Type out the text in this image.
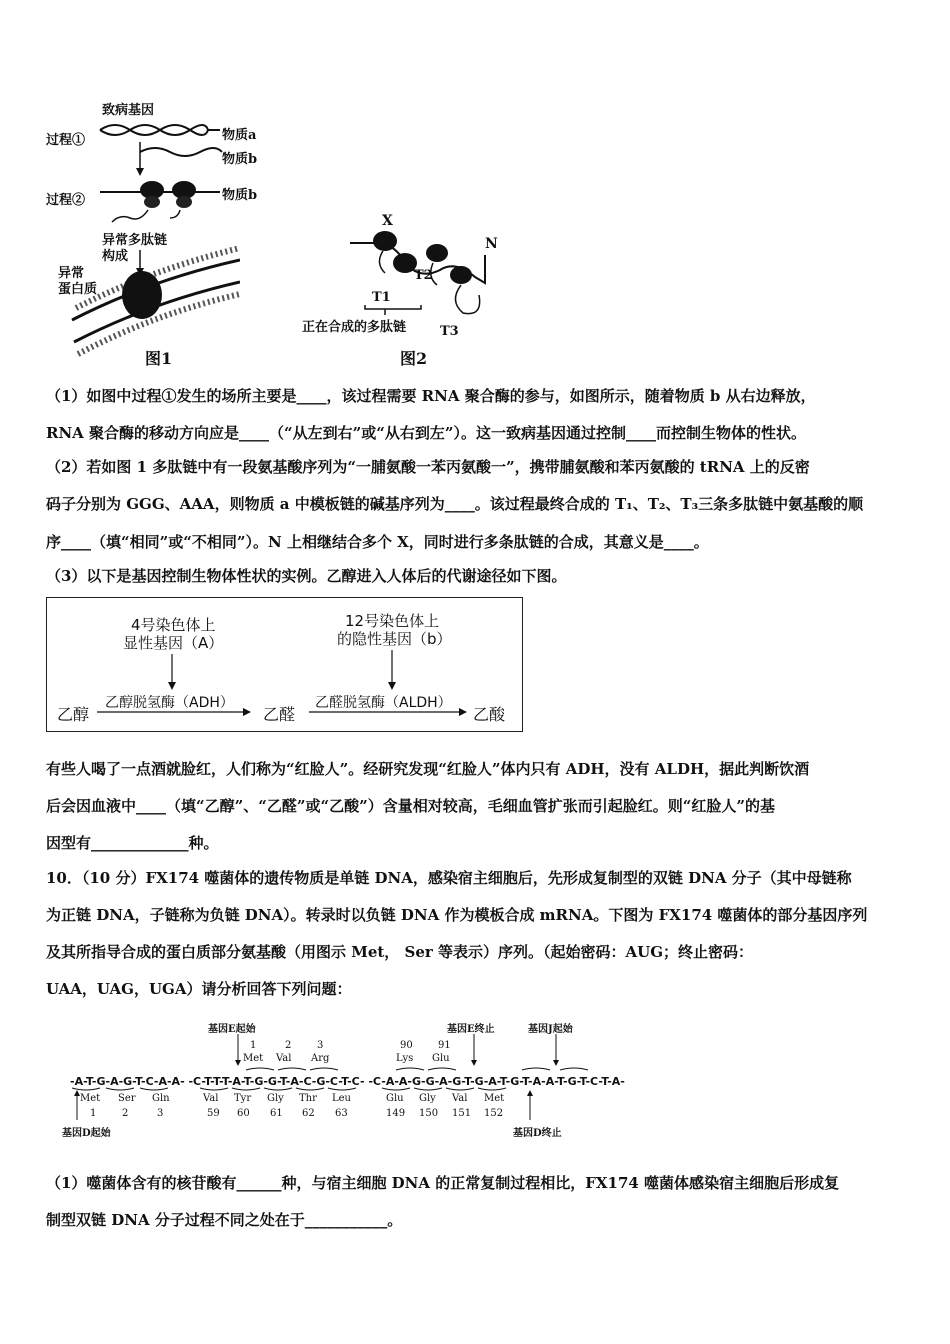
致病基因
过程①
过程②
物质a
物质b
物质b
异常多肽链
构成
异常
蛋白质
图1
X
N
T1
T2
T3
正在合成的多肽链
图2
（1）如图中过程①发生的场所主要是____，该过程需要 RNA 聚合酶的参与，如图所示，随着物质 b 从右边释放，
RNA 聚合酶的移动方向应是____（“从左到右”或“从右到左”）。这一致病基因通过控制____而控制生物体的性状。
（2）若如图 1 多肽链中有一段氨基酸序列为“一脯氨酸一苯丙氨酸一”，携带脯氨酸和苯丙氨酸的 tRNA 上的反密
码子分别为 GGG、AAA，则物质 a 中模板链的碱基序列为____。该过程最终合成的 T₁、T₂、T₃三条多肽链中氨基酸的顺
序____（填“相同”或“不相同”）。N 上相继结合多个 X，同时进行多条肽链的合成，其意义是____。
（3）以下是基因控制生物体性状的实例。乙醇进入人体后的代谢途径如下图。
4号染色体上
显性基因（A）
12号染色体上
的隐性基因（b）
乙醇
乙醇脱氢酶（ADH）
乙醛
乙醛脱氢酶（ALDH）
乙酸
有些人喝了一点酒就脸红，人们称为“红脸人”。经研究发现“红脸人”体内只有 ADH，没有 ALDH，据此判断饮酒
后会因血液中____（填“乙醇”、“乙醛”或“乙酸”）含量相对较高，毛细血管扩张而引起脸红。则“红脸人”的基
因型有_____________种。
10．（10 分）FX174 噬菌体的遗传物质是单链 DNA，感染宿主细胞后，先形成复制型的双链 DNA 分子（其中母链称
为正链 DNA，子链称为负链 DNA）。转录时以负链 DNA 作为模板合成 mRNA。下图为 FX174 噬菌体的部分基因序列
及其所指导合成的蛋白质部分氨基酸（用图示 Met， Ser 等表示）序列。（起始密码：AUG；终止密码：
UAA，UAG，UGA）请分析回答下列问题：
基因E起始	基因E终止	基因J起始
1	2	3	90	91
Met Val Arg	Lys Glu
-A-T-G-A-G-T-C-A-A- -C-T-T-T-A-T-G-G-T-A-C-G-C-T-C- -C-A-A-G-G-A-G-T-G-A-T-G-T-A-A-T-G-T-C-T-A-
Met Ser Gln	Val Tyr Gly Thr Leu	Glu Gly Val Met
1	2	3	59 60 61 62 63	149 150 151 152
基因D起始	基因D终止
（1）噬菌体含有的核苷酸有______种，与宿主细胞 DNA 的正常复制过程相比，FX174 噬菌体感染宿主细胞后形成复
制型双链 DNA 分子过程不同之处在于___________。
